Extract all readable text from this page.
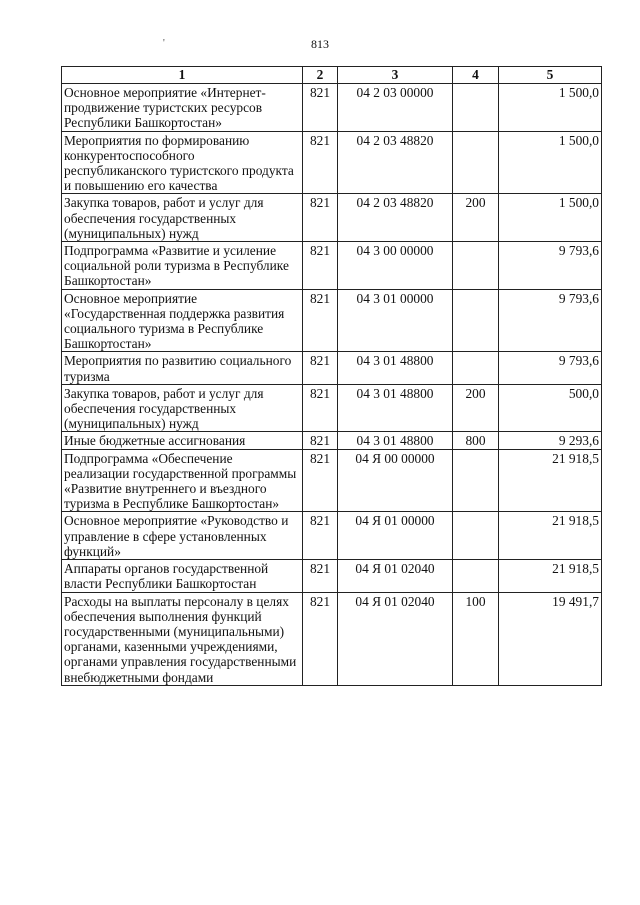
'	813
1	2	3	4	5
Основное мероприятие «Интернет-продвижение туристских ресурсов Республики Башкортостан»	821	04 2 03 00000		1 500,0
Мероприятия по формированию конкурентоспособного республиканского туристского продукта и повышению его качества	821	04 2 03 48820		1 500,0
Закупка товаров, работ и услуг для обеспечения государственных (муниципальных) нужд	821	04 2 03 48820	200	1 500,0
Подпрограмма «Развитие и усиление социальной роли туризма в Республике Башкортостан»	821	04 3 00 00000		9 793,6
Основное мероприятие «Государственная поддержка развития социального туризма в Республике Башкортостан»	821	04 3 01 00000		9 793,6
Мероприятия по развитию социального туризма	821	04 3 01 48800		9 793,6
Закупка товаров, работ и услуг для обеспечения государственных (муниципальных) нужд	821	04 3 01 48800	200	500,0
Иные бюджетные ассигнования	821	04 3 01 48800	800	9 293,6
Подпрограмма «Обеспечение реализации государственной программы «Развитие внутреннего и въездного туризма в Республике Башкортостан»	821	04 Я 00 00000		21 918,5
Основное мероприятие «Руководство и управление в сфере установленных функций»	821	04 Я 01 00000		21 918,5
Аппараты органов государственной власти Республики Башкортостан	821	04 Я 01 02040		21 918,5
Расходы на выплаты персоналу в целях обеспечения выполнения функций государственными (муниципальными) органами, казенными учреждениями, органами управления государственными внебюджетными фондами	821	04 Я 01 02040	100	19 491,7
